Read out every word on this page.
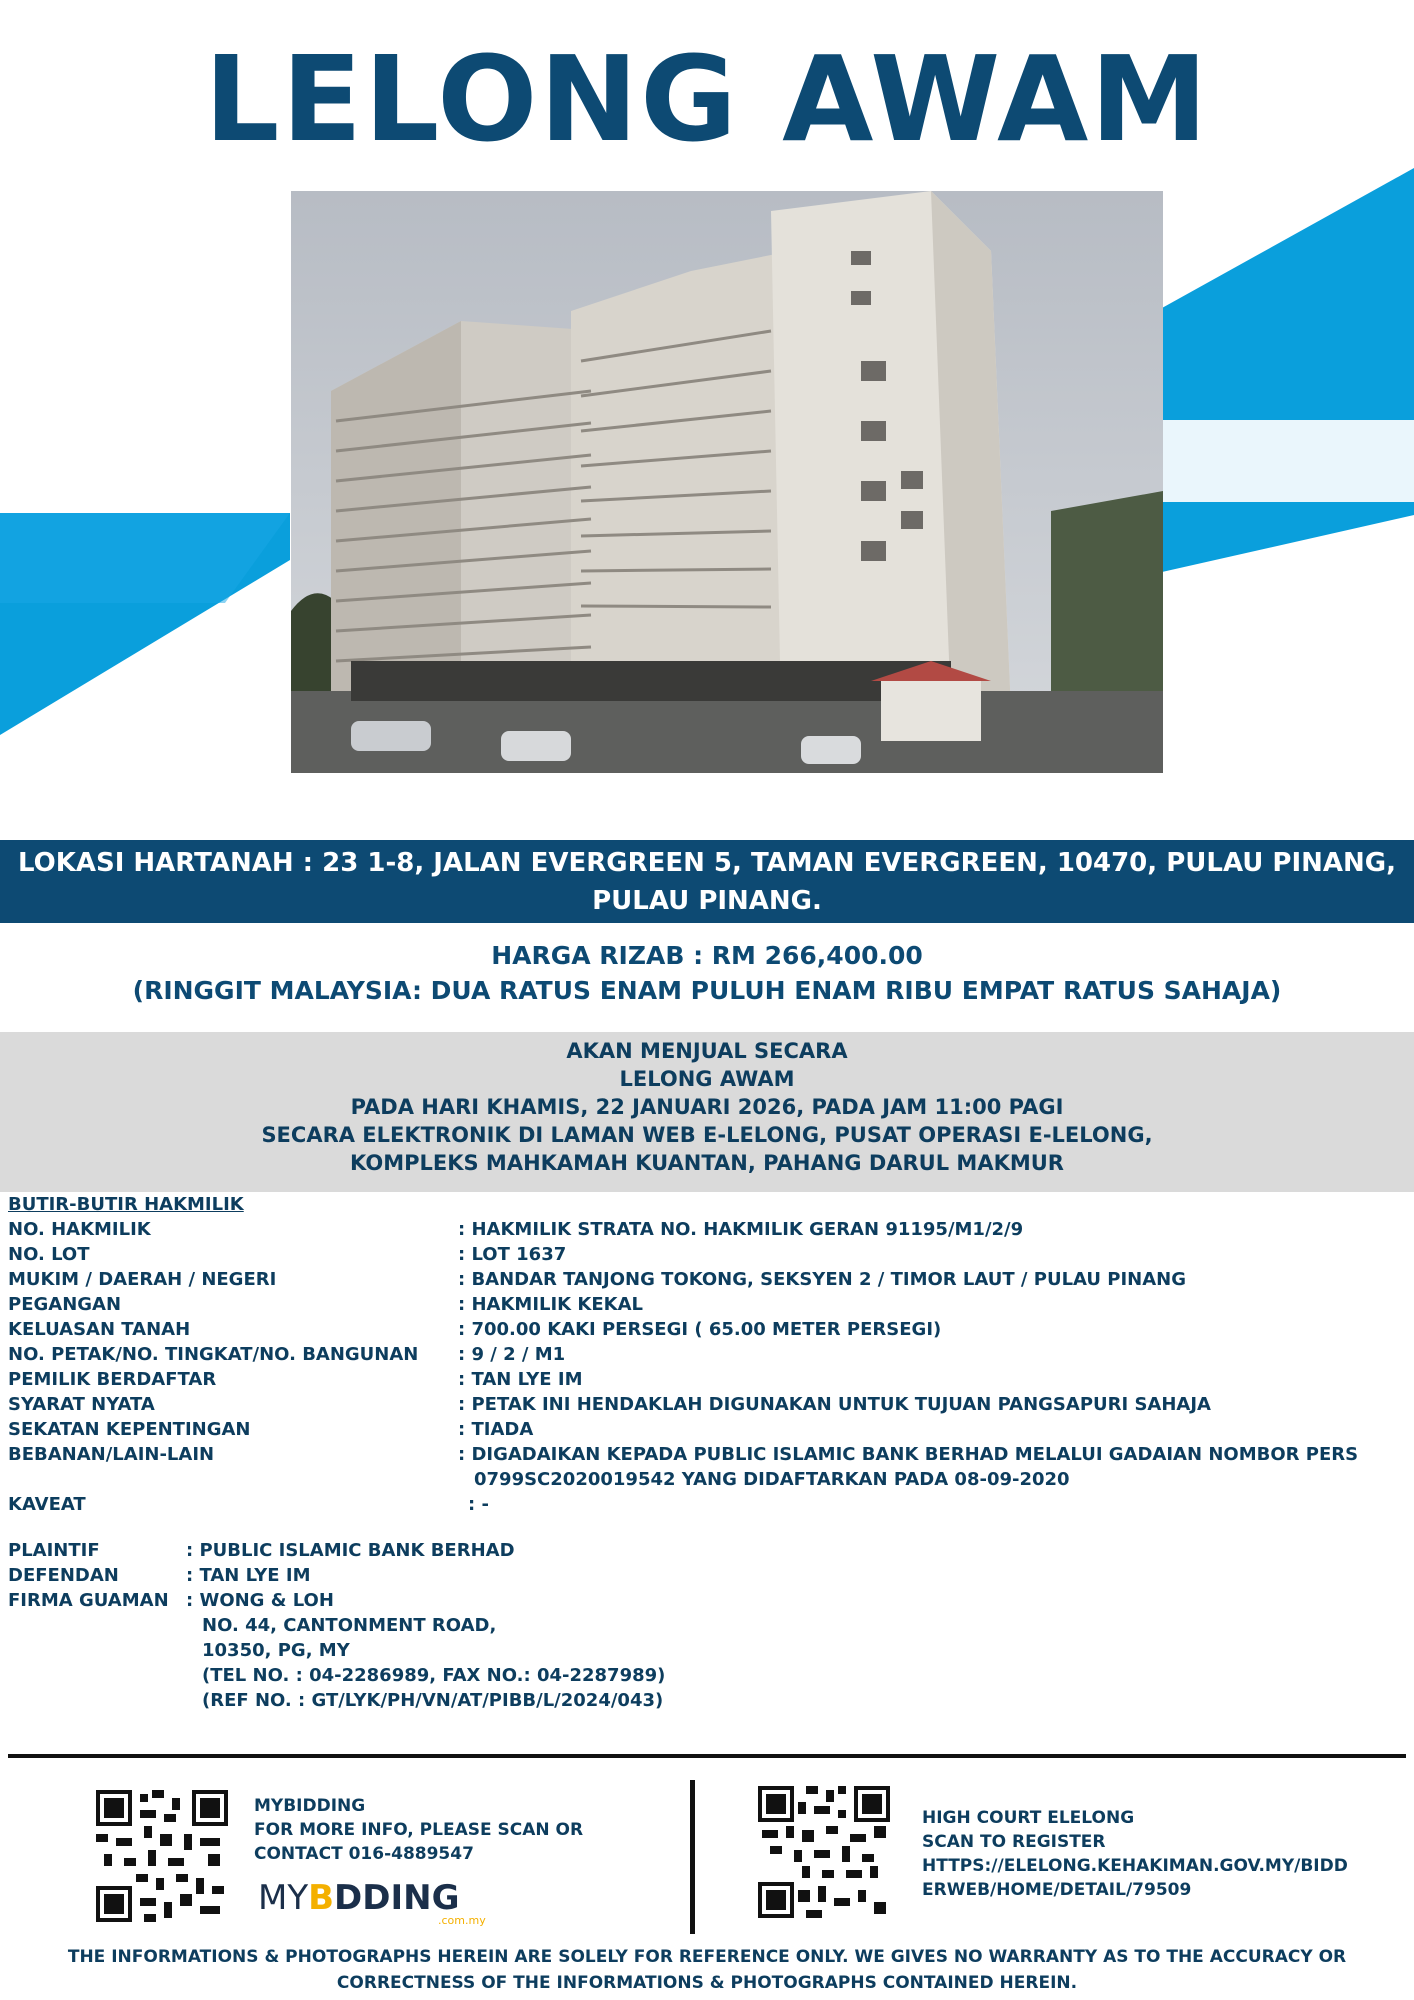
LELONG AWAM
LOKASI HARTANAH : 23 1-8, JALAN EVERGREEN 5, TAMAN EVERGREEN, 10470, PULAU PINANG, PULAU PINANG.
HARGA RIZAB : RM 266,400.00
(RINGGIT MALAYSIA: DUA RATUS ENAM PULUH ENAM RIBU EMPAT RATUS SAHAJA)
AKAN MENJUAL SECARA
LELONG AWAM
PADA HARI KHAMIS, 22 JANUARI 2026, PADA JAM 11:00 PAGI
SECARA ELEKTRONIK DI LAMAN WEB E-LELONG, PUSAT OPERASI E-LELONG,
KOMPLEKS MAHKAMAH KUANTAN, PAHANG DARUL MAKMUR
BUTIR-BUTIR HAKMILIK
NO. HAKMILIK	: HAKMILIK STRATA NO. HAKMILIK GERAN 91195/M1/2/9
NO. LOT	: LOT 1637
MUKIM / DAERAH / NEGERI	: BANDAR TANJONG TOKONG, SEKSYEN 2 / TIMOR LAUT / PULAU PINANG
PEGANGAN	: HAKMILIK KEKAL
KELUASAN TANAH	: 700.00 KAKI PERSEGI ( 65.00 METER PERSEGI)
NO. PETAK/NO. TINGKAT/NO. BANGUNAN : 9 / 2 / M1
PEMILIK BERDAFTAR	: TAN LYE IM
SYARAT NYATA	: PETAK INI HENDAKLAH DIGUNAKAN UNTUK TUJUAN PANGSAPURI SAHAJA
SEKATAN KEPENTINGAN	: TIADA
BEBANAN/LAIN-LAIN	: DIGADAIKAN KEPADA PUBLIC ISLAMIC BANK BERHAD MELALUI GADAIAN NOMBOR PERS
0799SC2020019542 YANG DIDAFTARKAN PADA 08-09-2020
KAVEAT	: -
PLAINTIF	: PUBLIC ISLAMIC BANK BERHAD
DEFENDAN	: TAN LYE IM
FIRMA GUAMAN : WONG & LOH
NO. 44, CANTONMENT ROAD,
10350, PG, MY
(TEL NO. : 04-2286989, FAX NO.: 04-2287989)
(REF NO. : GT/LYK/PH/VN/AT/PIBB/L/2024/043)
MYBIDDING
FOR MORE INFO, PLEASE SCAN OR
CONTACT 016-4889547
MYBDDING
.com.my
HIGH COURT ELELONG
SCAN TO REGISTER
HTTPS://ELELONG.KEHAKIMAN.GOV.MY/BIDD
ERWEB/HOME/DETAIL/79509
THE INFORMATIONS & PHOTOGRAPHS HEREIN ARE SOLELY FOR REFERENCE ONLY. WE GIVES NO WARRANTY AS TO THE ACCURACY OR
CORRECTNESS OF THE INFORMATIONS & PHOTOGRAPHS CONTAINED HEREIN.
